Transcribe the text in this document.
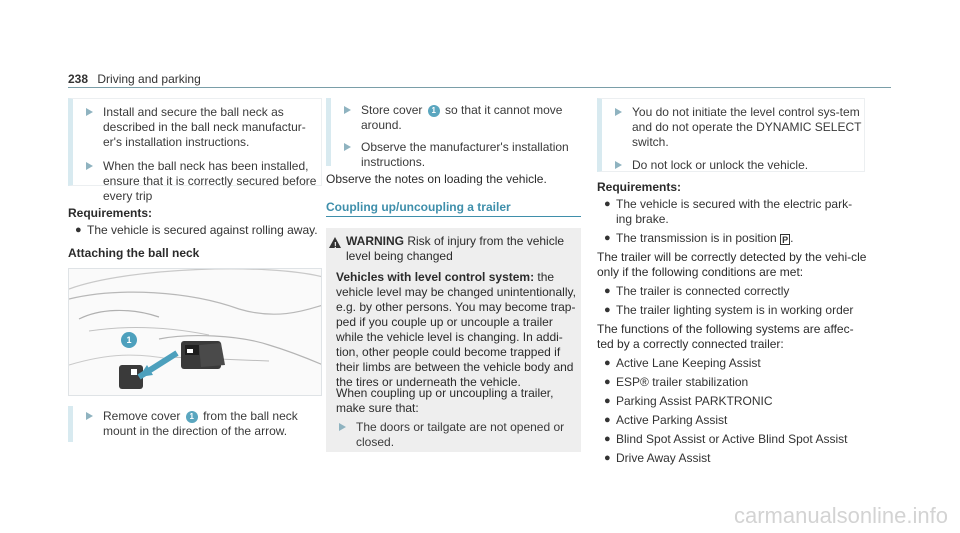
238 Driving and parking
Install and secure the ball neck as described in the ball neck manufactur-er's installation instructions.
When the ball neck has been installed, ensure that it is correctly secured before every trip
Requirements:
● The vehicle is secured against rolling away.
Attaching the ball neck
1
Remove cover 1 from the ball neck mount in the direction of the arrow.
Store cover 1 so that it cannot move around.
Observe the manufacturer's installation instructions.
Observe the notes on loading the vehicle.
Coupling up/uncoupling a trailer
!
WARNING Risk of injury from the vehicle level being changed
Vehicles with level control system: the vehicle level may be changed unintentionally, e.g. by other persons. You may become trap-ped if you couple up or uncouple a trailer while the vehicle level is changing. In addi-tion, other people could become trapped if their limbs are between the vehicle body and the tires or underneath the vehicle.
When coupling up or uncoupling a trailer, make sure that:
The doors or tailgate are not opened or closed.
You do not initiate the level control sys-tem and do not operate the DYNAMIC SELECT switch.
Do not lock or unlock the vehicle.
Requirements:
● The vehicle is secured with the electric park-ing brake.
● The transmission is in position P .
The trailer will be correctly detected by the vehi-cle only if the following conditions are met:
● The trailer is connected correctly
● The trailer lighting system is in working order
The functions of the following systems are affec-ted by a correctly connected trailer:
● Active Lane Keeping Assist
● ESP® trailer stabilization
● Parking Assist PARKTRONIC
● Active Parking Assist
● Blind Spot Assist or Active Blind Spot Assist
● Drive Away Assist
carmanualsonline.info
